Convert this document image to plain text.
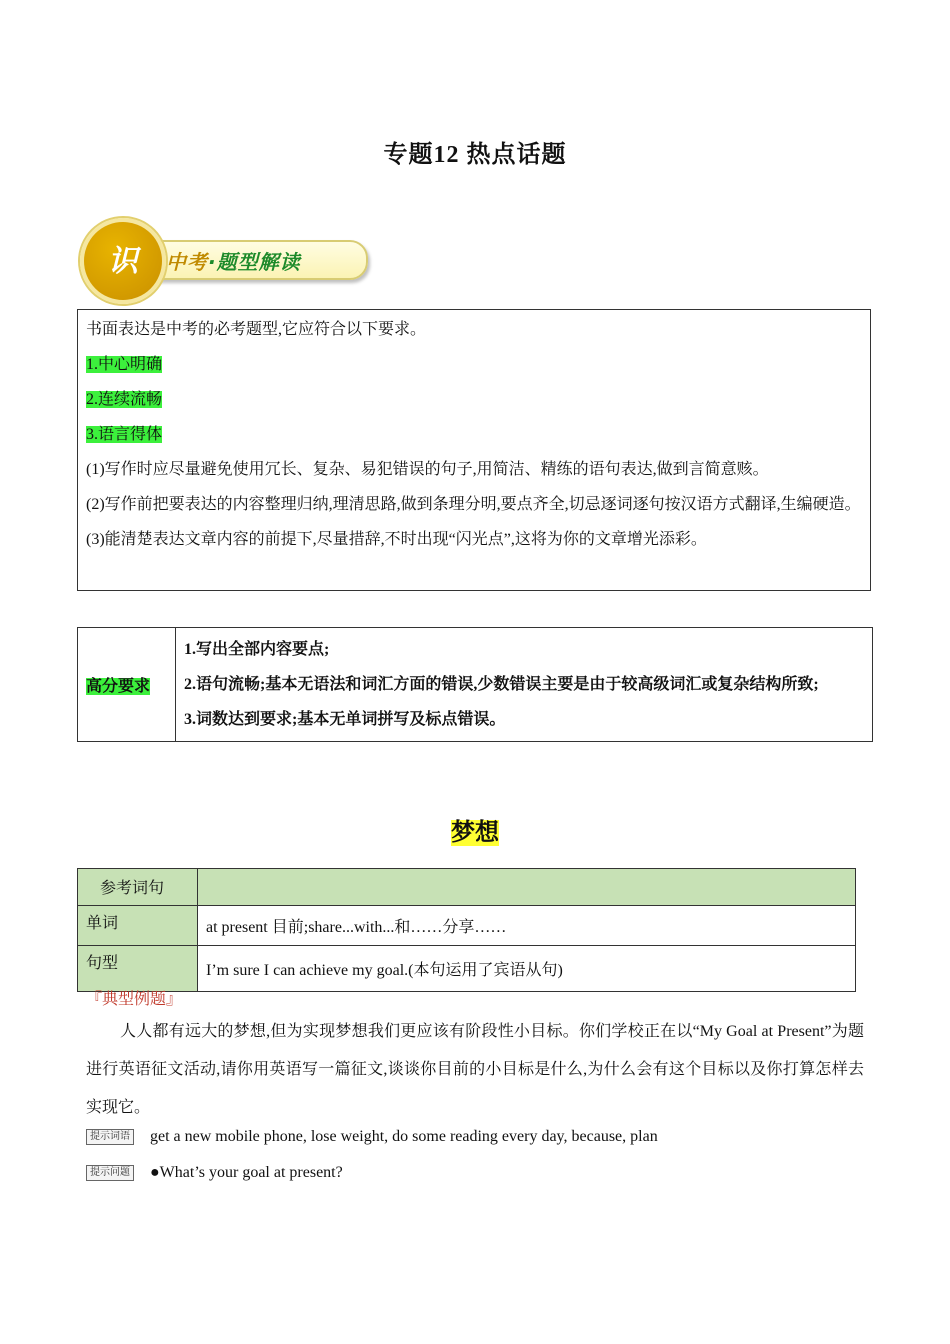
专题12 热点话题
中考·题型解读
识

书面表达是中考的必考题型,它应符合以下要求。

1.中心明确

2.连续流畅

3.语言得体

(1)写作时应尽量避免使用冗长、复杂、易犯错误的句子,用简洁、精练的语句表达,做到言简意赅。

(2)写作前把要表达的内容整理归纳,理清思路,做到条理分明,要点齐全,切忌逐词逐句按汉语方式翻译,生编硬造。

(3)能清楚表达文章内容的前提下,尽量措辞,不时出现“闪光点”,这将为你的文章增光添彩。

高分要求	

1.写出全部内容要点;

2.语句流畅;基本无语法和词汇方面的错误,少数错误主要是由于较高级词汇或复杂结构所致;

3.词数达到要求;基本无单词拼写及标点错误。

梦想
参考词句	
单词	at present 目前;share...with...和……分享……
句型	I’m sure I can achieve my goal.(本句运用了宾语从句)
『典型例题』

人人都有远大的梦想,但为实现梦想我们更应该有阶段性小目标。你们学校正在以“My Goal at Present”为题进行英语征文活动,请你用英语写一篇征文,谈谈你目前的小目标是什么,为什么会有这个目标以及你打算怎样去实现它。

提示词语 get a new mobile phone, lose weight, do some reading every day, because, plan
提示问题 ●What’s your goal at present?
